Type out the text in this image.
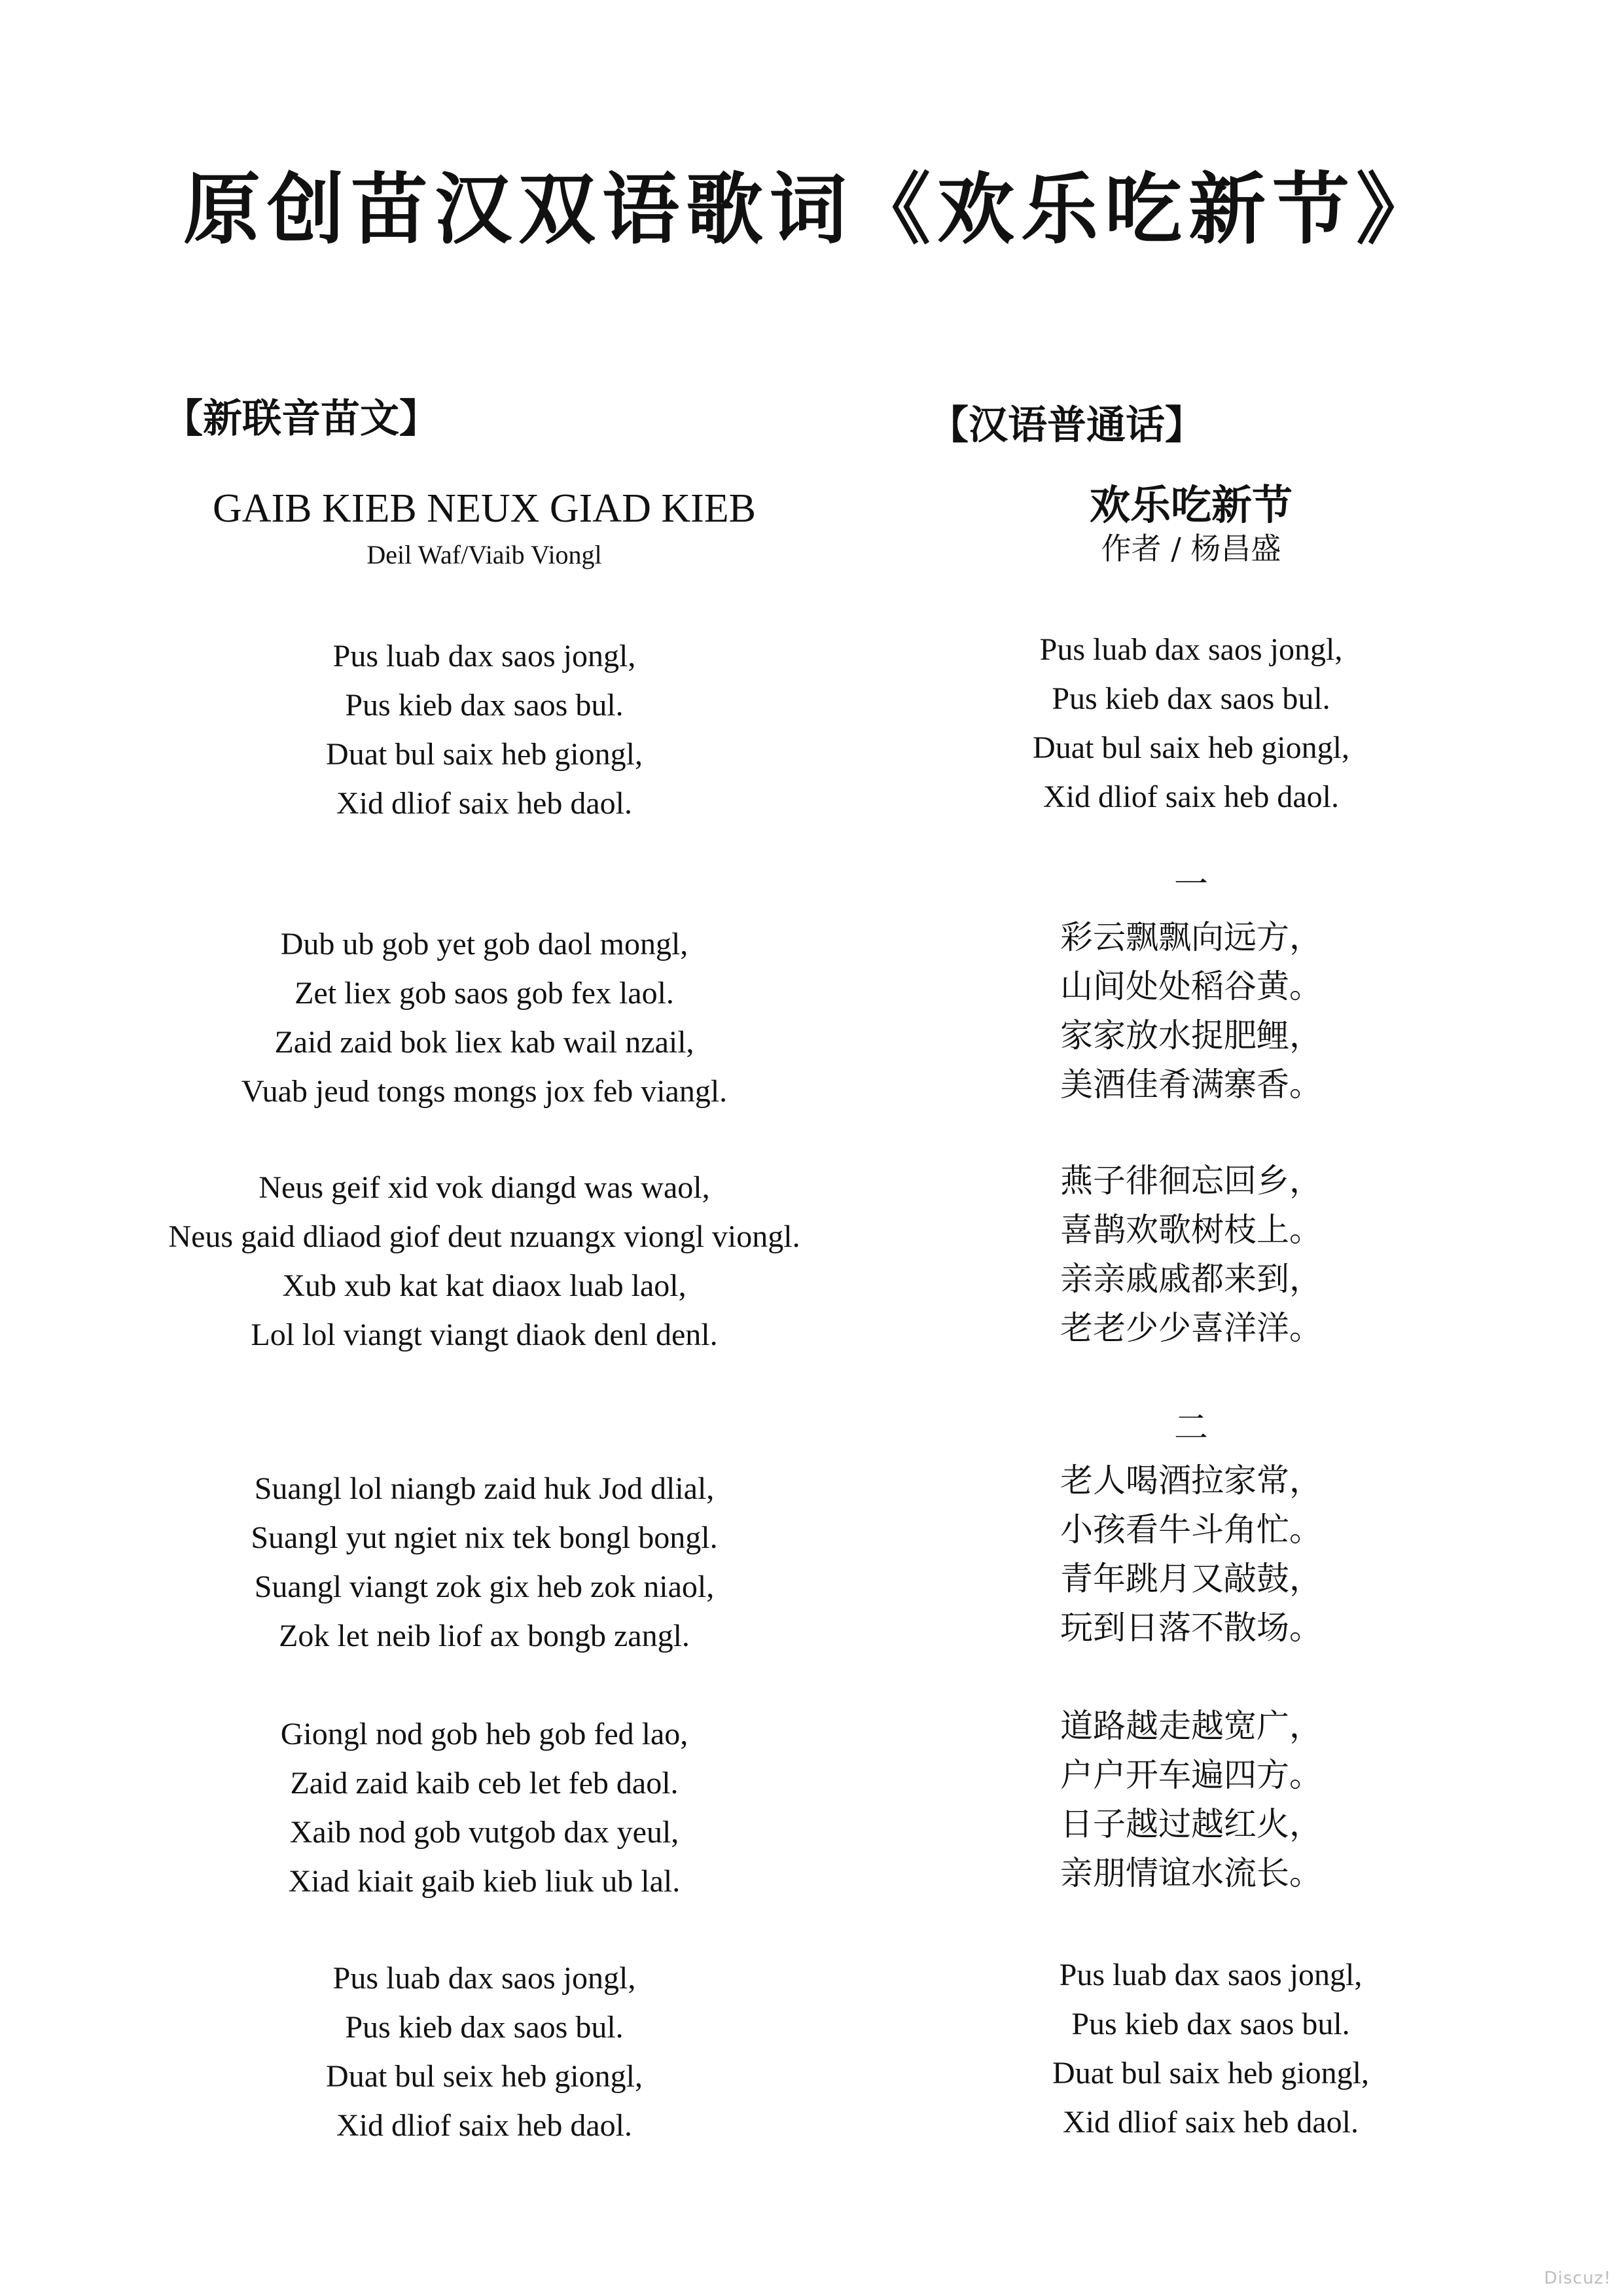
原创苗汉双语歌词《欢乐吃新节》
【新联音苗文】	【汉语普通话】
GAIB KIEB NEUX GIAD KIEB
Deil Waf/Viaib Viongl
欢乐吃新节
作者 / 杨昌盛
Pus luab dax saos jongl,
Pus kieb dax saos bul.
Duat bul saix heb giongl,
Xid dliof saix heb daol.
Dub ub gob yet gob daol mongl,
Zet liex gob saos gob fex laol.
Zaid zaid bok liex kab wail nzail,
Vuab jeud tongs mongs jox feb viangl.
Neus geif xid vok diangd was waol,
Neus gaid dliaod giof deut nzuangx viongl viongl.
Xub xub kat kat diaox luab laol,
Lol lol viangt viangt diaok denl denl.
Suangl lol niangb zaid huk Jod dlial,
Suangl yut ngiet nix tek bongl bongl.
Suangl viangt zok gix heb zok niaol,
Zok let neib liof ax bongb zangl.
Giongl nod gob heb gob fed lao,
Zaid zaid kaib ceb let feb daol.
Xaib nod gob vutgob dax yeul,
Xiad kiait gaib kieb liuk ub lal.
Pus luab dax saos jongl,
Pus kieb dax saos bul.
Duat bul seix heb giongl,
Xid dliof saix heb daol.
Pus luab dax saos jongl,
Pus kieb dax saos bul.
Duat bul saix heb giongl,
Xid dliof saix heb daol.
一
彩云飘飘向远方，
山间处处稻谷黄。
家家放水捉肥鲤，
美酒佳肴满寨香。
燕子徘徊忘回乡，
喜鹊欢歌树枝上。
亲亲戚戚都来到，
老老少少喜洋洋。
二
老人喝酒拉家常，
小孩看牛斗角忙。
青年跳月又敲鼓，
玩到日落不散场。
道路越走越宽广，
户户开车遍四方。
日子越过越红火，
亲朋情谊水流长。
Pus luab dax saos jongl,
Pus kieb dax saos bul.
Duat bul saix heb giongl,
Xid dliof saix heb daol.
Discuz!
